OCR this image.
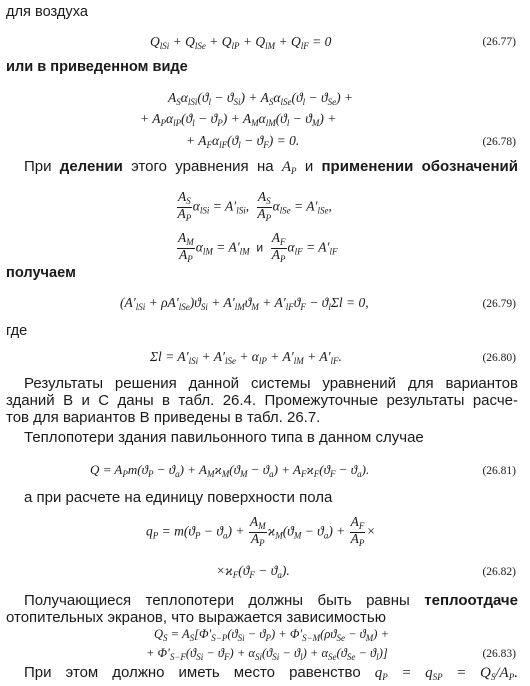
для воздуха
$Q_{lSi} + Q_{lSe} + Q_{lP} + Q_{lM} + Q_{lF} = 0$	(26.77)
или в приведенном виде
$A_S\alpha_{lSi}(ϑ_l - ϑ_{Si}) + A_S\alpha_{lSe}(ϑ_l - ϑ_{Se})$ +
+ $A_P\alpha_{lP}(ϑ_l - ϑ_P) + A_M\alpha_{lM}(ϑ_l - ϑ_M)$ +
+ $A_F\alpha_{lF}(ϑ_l - ϑ_F) = 0$.	(26.78)
При делении этого уравнения на $A_P$ и применении обозначений
$\frac{A_S}{A_P} \alpha_{lSi} = A'_{lSi}$, $\frac{A_S}{A_P} \alpha_{lSe} = A'_{lSe}$,
$\frac{A_M}{A_P} \alpha_{lM} = A'_{lM}$  и $\frac{A_F}{A_P} \alpha_{lF} = A'_{lF}$
получаем
$(A'_{lSi} + \rho A'_{lSe})ϑ_{Si} + A'_{lM}ϑ_M + A'_{lF}ϑ_F - ϑ_l\Sigma l = 0$,	(26.79)
где
$\Sigma l = A'_{lSi} + A'_{lSe} + \alpha_{lP} + A'_{lM} + A'_{lF}$.	(26.80)
Результаты решения данной системы уравнений для вариантов
зданий B и C даны в табл. 26.4. Промежуточные результаты расче-
тов для вариантов B приведены в табл. 26.7.
Теплопотери здания павильонного типа в данном случае
$Q = A_Pm(ϑ_P - ϑ_a) + A_Mϰ_M(ϑ_M - ϑ_a) + A_Fϰ_F(ϑ_F - ϑ_a)$.	(26.81)
а при расчете на единицу поверхности пола
$q_P = m(ϑ_P - ϑ_a) + \frac{A_M}{A_P} ϰ_M(ϑ_M - ϑ_a) + \frac{A_F}{A_P}$ ×
$\times ϰ_F(ϑ_F - ϑ_a)$.	(26.82)
Получающиеся теплопотери должны быть равны теплоотдаче
отопительных экранов, что выражается зависимостью
$Q_S = A_S[\Phi'_{S-P}(ϑ_{Si} - ϑ_P) + \Phi'_{S-M}(\rho ϑ_{Se} - ϑ_M)$ +
+ $\Phi'_{S-F}(ϑ_{Si} - ϑ_F) + \alpha_{Si}(ϑ_{Si} - ϑ_l) + \alpha_{Se}(ϑ_{Se} - ϑ_l)$]	(26.83)
При этом должно иметь место равенство $q_P = q_{SP} = Q_S/A_P$.
